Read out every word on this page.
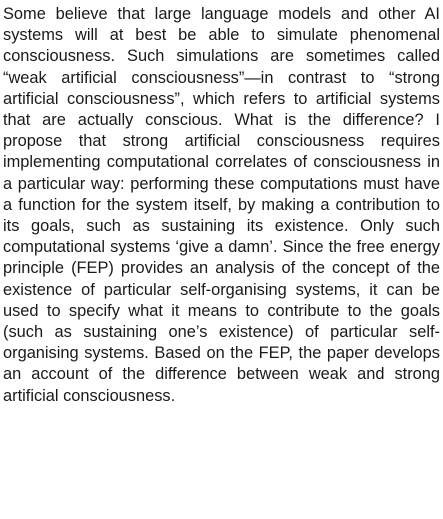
Some believe that large language models and other AI systems will at best be able to simulate phenomenal consciousness. Such simulations are sometimes called “weak artificial consciousness”—in contrast to “strong artificial consciousness”, which refers to artificial systems that are actually conscious. What is the difference? I propose that strong artificial consciousness requires implementing computational correlates of consciousness in a particular way: performing these computations must have a function for the system itself, by making a contribution to its goals, such as sustaining its existence. Only such computational systems ‘give a damn’. Since the free energy principle (FEP) provides an analysis of the concept of the existence of particular self-organising systems, it can be used to specify what it means to contribute to the goals (such as sustaining one’s existence) of particular self-organising systems. Based on the FEP, the paper develops an account of the difference between weak and strong artificial consciousness.
